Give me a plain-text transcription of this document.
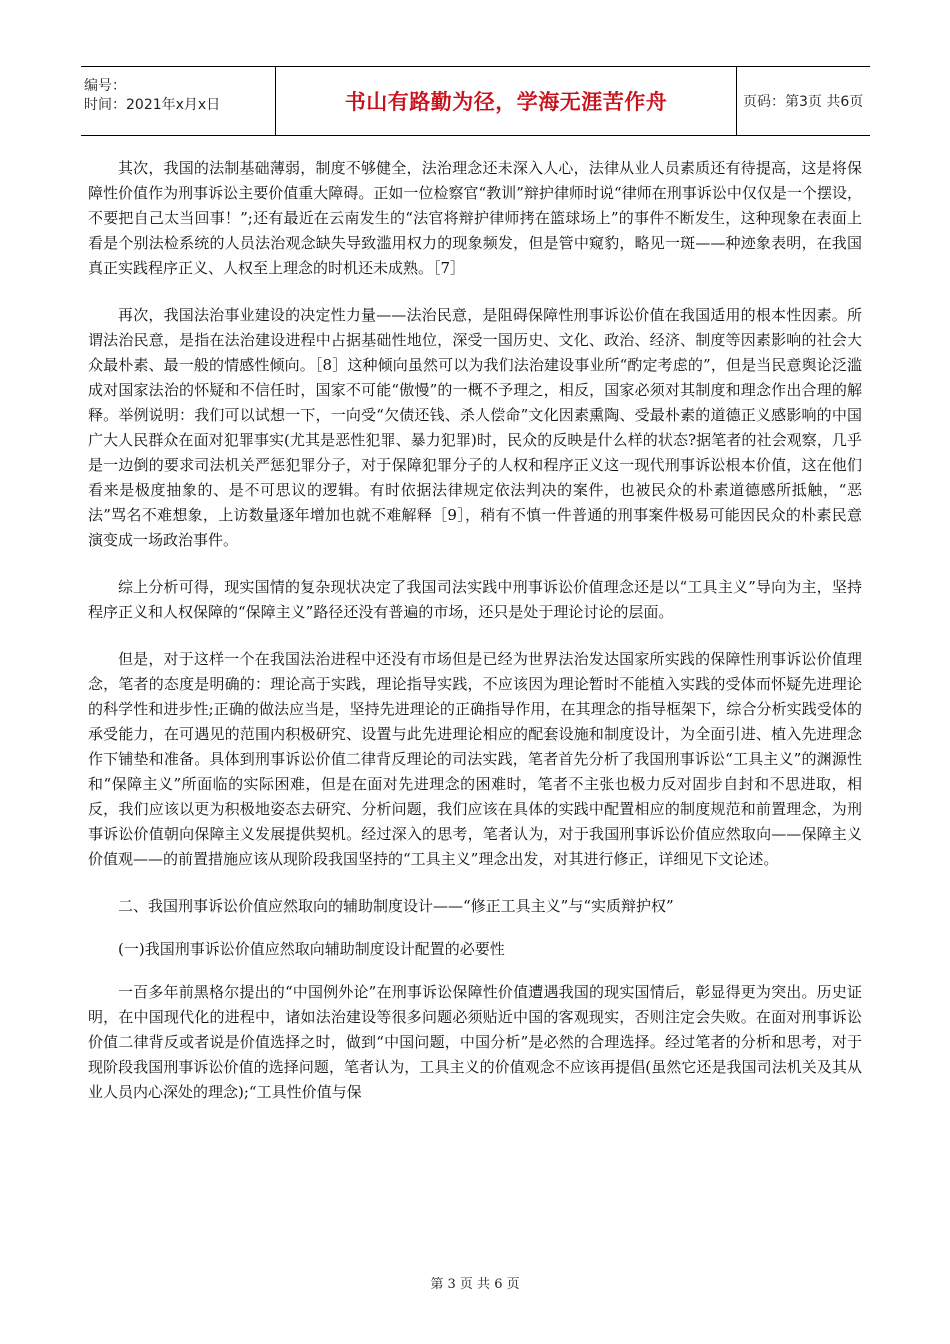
编号：
时间：2021年x月x日	书山有路勤为径，学海无涯苦作舟	页码：第3页 共6页

其次，我国的法制基础薄弱，制度不够健全，法治理念还未深入人心，法律从业人员素质还有待提高，这是将保障性价值作为刑事诉讼主要价值重大障碍。正如一位检察官“教训”辩护律师时说“律师在刑事诉讼中仅仅是一个摆设，不要把自己太当回事！”;还有最近在云南发生的“法官将辩护律师拷在篮球场上”的事件不断发生，这种现象在表面上看是个别法检系统的人员法治观念缺失导致滥用权力的现象频发，但是管中窥豹，略见一斑——种迹象表明，在我国真正实践程序正义、人权至上理念的时机还未成熟。［7］

再次，我国法治事业建设的决定性力量——法治民意，是阻碍保障性刑事诉讼价值在我国适用的根本性因素。所谓法治民意，是指在法治建设进程中占据基础性地位，深受一国历史、文化、政治、经济、制度等因素影响的社会大众最朴素、最一般的情感性倾向。［8］这种倾向虽然可以为我们法治建设事业所“酌定考虑的”，但是当民意舆论泛滥成对国家法治的怀疑和不信任时，国家不可能“傲慢”的一概不予理之，相反，国家必须对其制度和理念作出合理的解释。举例说明：我们可以试想一下，一向受“欠债还钱、杀人偿命”文化因素熏陶、受最朴素的道德正义感影响的中国广大人民群众在面对犯罪事实(尤其是恶性犯罪、暴力犯罪)时，民众的反映是什么样的状态?据笔者的社会观察，几乎是一边倒的要求司法机关严惩犯罪分子，对于保障犯罪分子的人权和程序正义这一现代刑事诉讼根本价值，这在他们看来是极度抽象的、是不可思议的逻辑。有时依据法律规定依法判决的案件，也被民众的朴素道德感所抵触，“恶法”骂名不难想象，上访数量逐年增加也就不难解释［9］，稍有不慎一件普通的刑事案件极易可能因民众的朴素民意演变成一场政治事件。

综上分析可得，现实国情的复杂现状决定了我国司法实践中刑事诉讼价值理念还是以“工具主义”导向为主，坚持程序正义和人权保障的“保障主义”路径还没有普遍的市场，还只是处于理论讨论的层面。

但是，对于这样一个在我国法治进程中还没有市场但是已经为世界法治发达国家所实践的保障性刑事诉讼价值理念，笔者的态度是明确的：理论高于实践，理论指导实践，不应该因为理论暂时不能植入实践的受体而怀疑先进理论的科学性和进步性;正确的做法应当是，坚持先进理论的正确指导作用，在其理念的指导框架下，综合分析实践受体的承受能力，在可遇见的范围内积极研究、设置与此先进理论相应的配套设施和制度设计，为全面引进、植入先进理念作下铺垫和准备。具体到刑事诉讼价值二律背反理论的司法实践，笔者首先分析了我国刑事诉讼“工具主义”的渊源性和“保障主义”所面临的实际困难，但是在面对先进理念的困难时，笔者不主张也极力反对固步自封和不思进取，相反，我们应该以更为积极地姿态去研究、分析问题，我们应该在具体的实践中配置相应的制度规范和前置理念，为刑事诉讼价值朝向保障主义发展提供契机。经过深入的思考，笔者认为，对于我国刑事诉讼价值应然取向——保障主义价值观——的前置措施应该从现阶段我国坚持的“工具主义”理念出发，对其进行修正，详细见下文论述。

二、我国刑事诉讼价值应然取向的辅助制度设计——“修正工具主义”与“实质辩护权”

(一)我国刑事诉讼价值应然取向辅助制度设计配置的必要性

一百多年前黑格尔提出的“中国例外论”在刑事诉讼保障性价值遭遇我国的现实国情后，彰显得更为突出。历史证明，在中国现代化的进程中，诸如法治建设等很多问题必须贴近中国的客观现实，否则注定会失败。在面对刑事诉讼价值二律背反或者说是价值选择之时，做到“中国问题，中国分析”是必然的合理选择。经过笔者的分析和思考，对于现阶段我国刑事诉讼价值的选择问题，笔者认为，工具主义的价值观念不应该再提倡(虽然它还是我国司法机关及其从业人员内心深处的理念);“工具性价值与保

第 3 页 共 6 页
